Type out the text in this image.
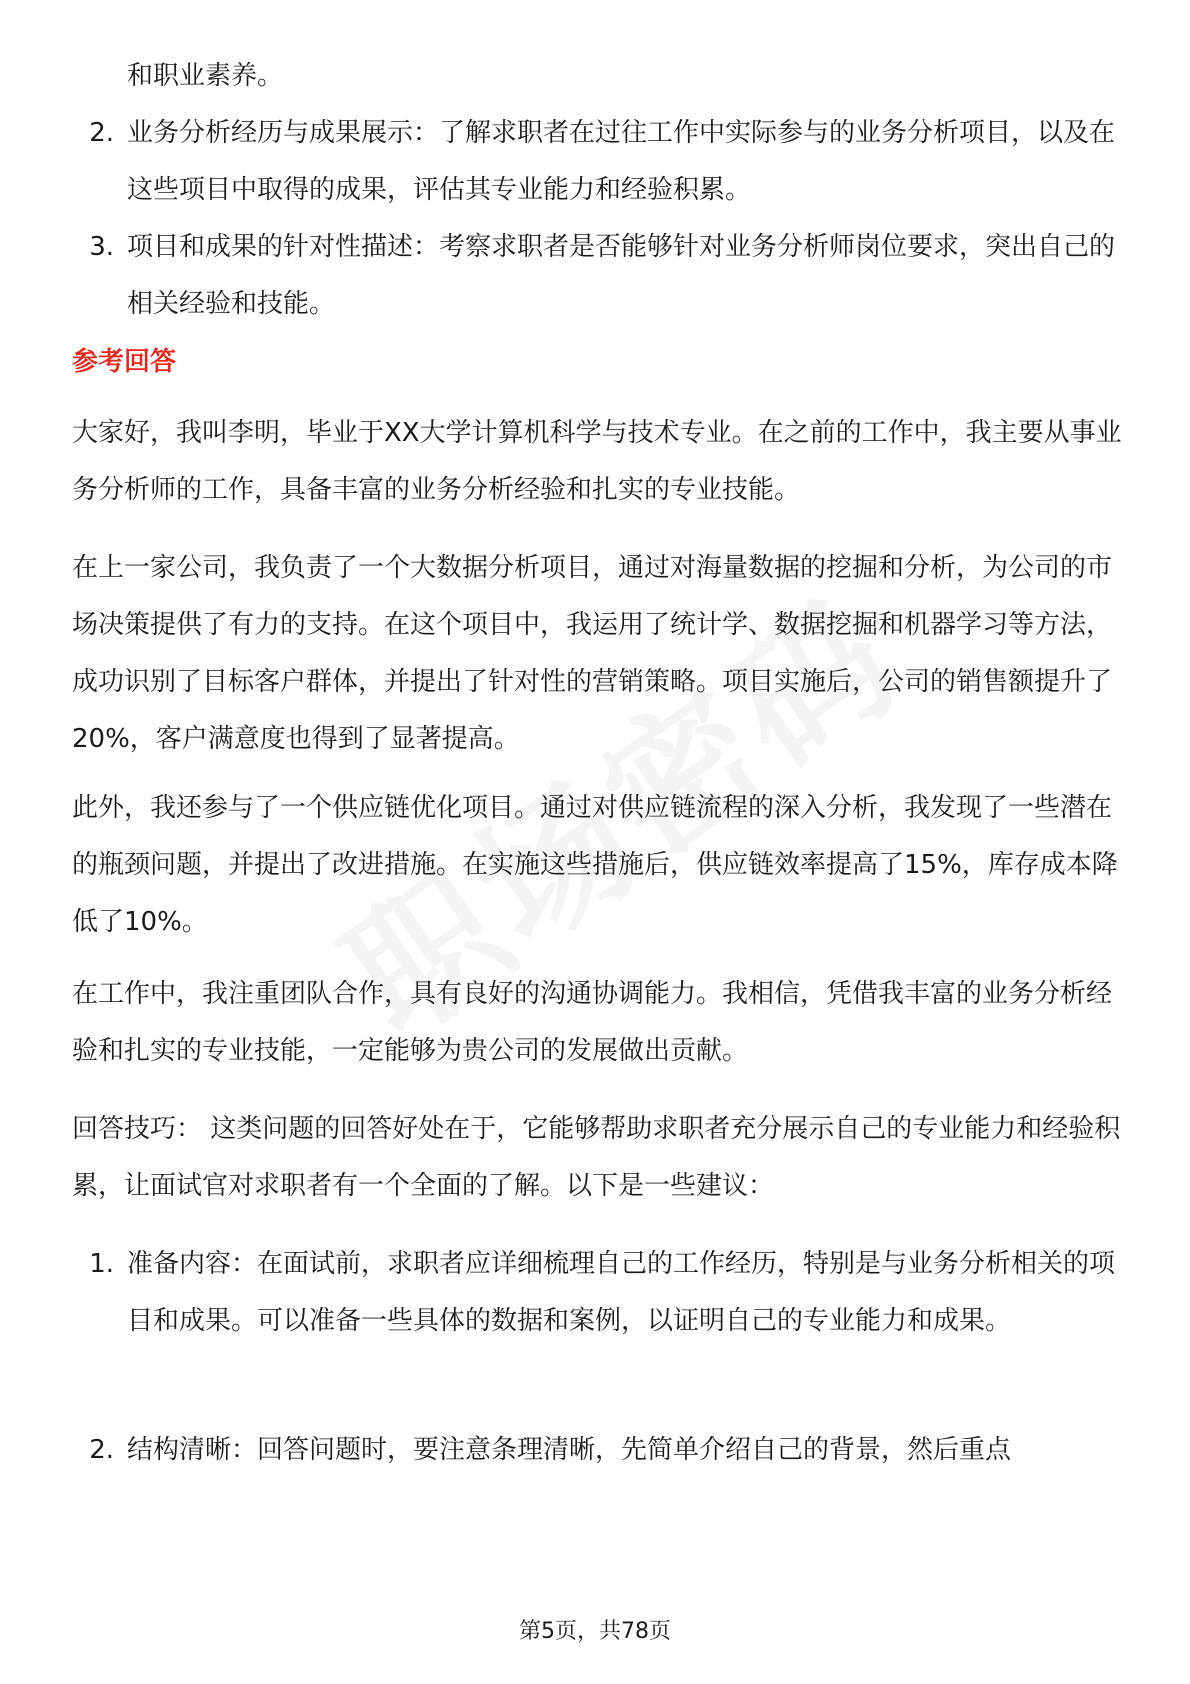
和职业素养。
2. 业务分析经历与成果展示：了解求职者在过往工作中实际参与的业务分析项目，以及在这些项目中取得的成果，评估其专业能力和经验积累。
3. 项目和成果的针对性描述：考察求职者是否能够针对业务分析师岗位要求，突出自己的相关经验和技能。
参考回答

大家好，我叫李明，毕业于XX大学计算机科学与技术专业。在之前的工作中，我主要从事业务分析师的工作，具备丰富的业务分析经验和扎实的专业技能。

在上一家公司，我负责了一个大数据分析项目，通过对海量数据的挖掘和分析，为公司的市场决策提供了有力的支持。在这个项目中，我运用了统计学、数据挖掘和机器学习等方法，成功识别了目标客户群体，并提出了针对性的营销策略。项目实施后，公司的销售额提升了20%，客户满意度也得到了显著提高。

此外，我还参与了一个供应链优化项目。通过对供应链流程的深入分析，我发现了一些潜在的瓶颈问题，并提出了改进措施。在实施这些措施后，供应链效率提高了15%，库存成本降低了10%。

在工作中，我注重团队合作，具有良好的沟通协调能力。我相信，凭借我丰富的业务分析经验和扎实的专业技能，一定能够为贵公司的发展做出贡献。

回答技巧： 这类问题的回答好处在于，它能够帮助求职者充分展示自己的专业能力和经验积累，让面试官对求职者有一个全面的了解。以下是一些建议：

1. 准备内容：在面试前，求职者应详细梳理自己的工作经历，特别是与业务分析相关的项目和成果。可以准备一些具体的数据和案例，以证明自己的专业能力和成果。
2. 结构清晰：回答问题时，要注意条理清晰，先简单介绍自己的背景，然后重点
第5页，共78页
